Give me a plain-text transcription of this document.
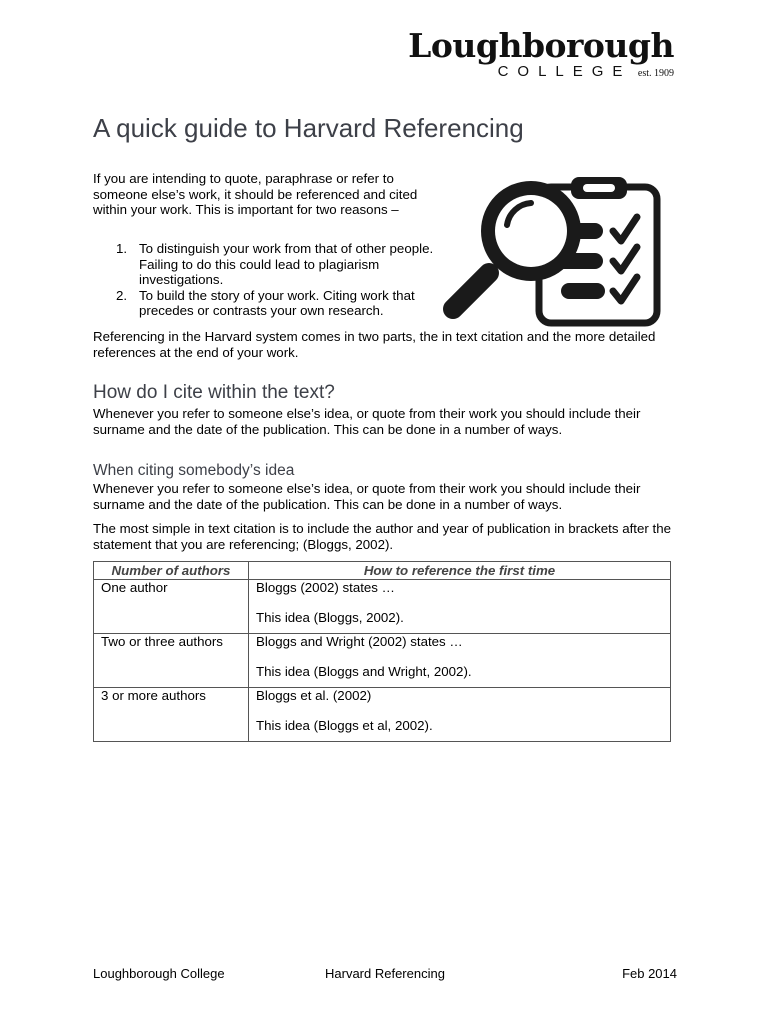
Loughborough
COLLEGE est. 1909
A quick guide to Harvard Referencing
If you are intending to quote, paraphrase or refer to someone else’s work, it should be referenced and cited within your work. This is important for two reasons –
1. To distinguish your work from that of other people. Failing to do this could lead to plagiarism investigations.
2. To build the story of your work. Citing work that precedes or contrasts your own research.
Referencing in the Harvard system comes in two parts, the in text citation and the more detailed references at the end of your work.
How do I cite within the text?
Whenever you refer to someone else’s idea, or quote from their work you should include their surname and the date of the publication. This can be done in a number of ways.
When citing somebody’s idea
Whenever you refer to someone else’s idea, or quote from their work you should include their surname and the date of the publication. This can be done in a number of ways.
The most simple in text citation is to include the author and year of publication in brackets after the statement that you are referencing; (Bloggs, 2002).
Number of authors	How to reference the first time
One author	Bloggs (2002) states …
This idea (Bloggs, 2002).

Two or three authors	Bloggs and Wright (2002) states …
This idea (Bloggs and Wright, 2002).

3 or more authors	Bloggs et al. (2002)
This idea (Bloggs et al, 2002).
Loughborough College	Harvard Referencing	Feb 2014
